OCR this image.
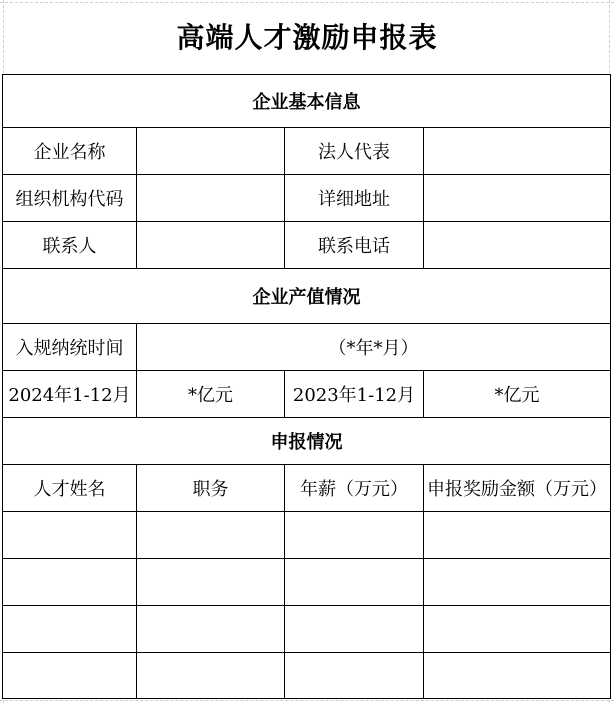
高端人才激励申报表
企业基本信息			
企业名称		法人代表	
组织机构代码		详细地址	
联系人		联系电话	
企业产值情况			
入规纳统时间	（*年*月）		
2024年1-12月	*亿元	2023年1-12月	*亿元
申报情况			
人才姓名	职务	年薪（万元）	申报奖励金额（万元）
